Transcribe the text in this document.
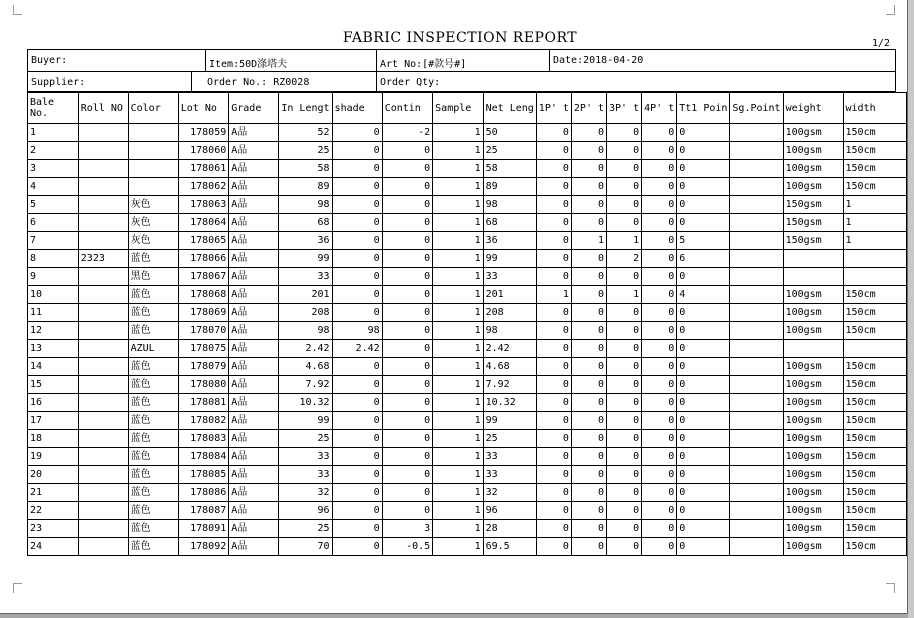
FABRIC INSPECTION REPORT	1/2
Buyer:	Item:50D涤塔夫	Art No:[#款号#]	Date:2018-04-20
Supplier:	Order No.: RZ0028	Order Qty:
Bale No.	Roll NO	Color	Lot No	Grade	In Lengt	shade	Contin	Sample	Net Leng	1P' t	2P' t	3P' t	4P' t	Tt1 Poin	Sg.Point	weight	width
1			178059	A品	52	0	-2	1	50	0	0	0	0	0		100gsm	150cm
2			178060	A品	25	0	0	1	25	0	0	0	0	0		100gsm	150cm
3			178061	A品	58	0	0	1	58	0	0	0	0	0		100gsm	150cm
4			178062	A品	89	0	0	1	89	0	0	0	0	0		100gsm	150cm
5		灰色	178063	A品	98	0	0	1	98	0	0	0	0	0		150gsm	1
6		灰色	178064	A品	68	0	0	1	68	0	0	0	0	0		150gsm	1
7		灰色	178065	A品	36	0	0	1	36	0	1	1	0	5		150gsm	1
8	2323	蓝色	178066	A品	99	0	0	1	99	0	0	2	0	6			
9		黑色	178067	A品	33	0	0	1	33	0	0	0	0	0			
10		蓝色	178068	A品	201	0	0	1	201	1	0	1	0	4		100gsm	150cm
11		蓝色	178069	A品	208	0	0	1	208	0	0	0	0	0		100gsm	150cm
12		蓝色	178070	A品	98	98	0	1	98	0	0	0	0	0		100gsm	150cm
13		AZUL	178075	A品	2.42	2.42	0	1	2.42	0	0	0	0	0			
14		蓝色	178079	A品	4.68	0	0	1	4.68	0	0	0	0	0		100gsm	150cm
15		蓝色	178080	A品	7.92	0	0	1	7.92	0	0	0	0	0		100gsm	150cm
16		蓝色	178081	A品	10.32	0	0	1	10.32	0	0	0	0	0		100gsm	150cm
17		蓝色	178082	A品	99	0	0	1	99	0	0	0	0	0		100gsm	150cm
18		蓝色	178083	A品	25	0	0	1	25	0	0	0	0	0		100gsm	150cm
19		蓝色	178084	A品	33	0	0	1	33	0	0	0	0	0		100gsm	150cm
20		蓝色	178085	A品	33	0	0	1	33	0	0	0	0	0		100gsm	150cm
21		蓝色	178086	A品	32	0	0	1	32	0	0	0	0	0		100gsm	150cm
22		蓝色	178087	A品	96	0	0	1	96	0	0	0	0	0		100gsm	150cm
23		蓝色	178091	A品	25	0	3	1	28	0	0	0	0	0		100gsm	150cm
24		蓝色	178092	A品	70	0	-0.5	1	69.5	0	0	0	0	0		100gsm	150cm
